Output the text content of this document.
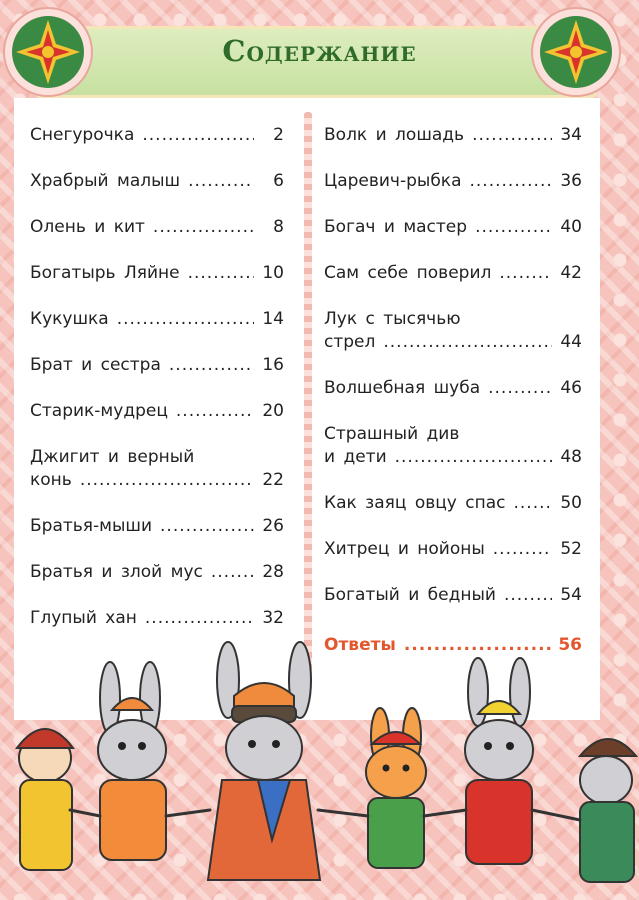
Содержание
Снегурочка .....	2
Храбрый малыш .....	6
Олень и кит .....	8
Богатырь Ляйне .....	10
Кукушка .....	14
Брат и сестра .....	16
Старик-мудрец .....	20
Джигит и верный
конь .....	22
Братья-мыши .....	26
Братья и злой мус .....	28
Глупый хан .....	32
Волк и лошадь .....	34
Царевич-рыбка .....	36
Богач и мастер .....	40
Сам себе поверил .....	42
Лук с тысячью
стрел .....	44
Волшебная шуба .....	46
Страшный див
и дети .....	48
Как заяц овцу спас .....	50
Хитрец и нойоны .....	52
Богатый и бедный .....	54
Ответы .....	56
